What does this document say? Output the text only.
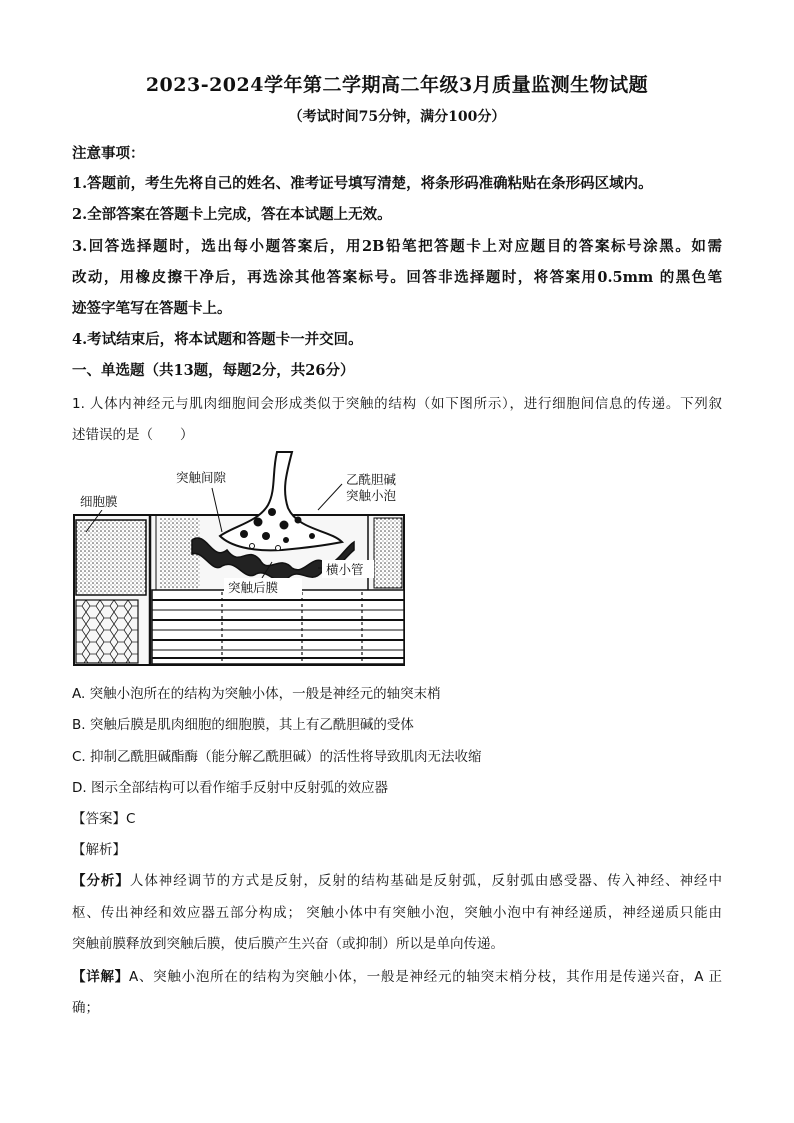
2023-2024学年第二学期高二年级3月质量监测生物试题
（考试时间75分钟，满分100分）
注意事项：
1.答题前，考生先将自己的姓名、准考证号填写清楚，将条形码准确粘贴在条形码区域内。
2.全部答案在答题卡上完成，答在本试题上无效。
3.回答选择题时，选出每小题答案后，用2B铅笔把答题卡上对应题目的答案标号涂黑。如需
改动，用橡皮擦干净后，再选涂其他答案标号。回答非选择题时，将答案用0.5mm 的黑色笔
迹签字笔写在答题卡上。
4.考试结束后，将本试题和答题卡一并交回。
一、单选题（共13题，每题2分，共26分）
1. 人体内神经元与肌肉细胞间会形成类似于突触的结构（如下图所示），进行细胞间信息的传递。下列叙
述错误的是（　　）
突触间隙	乙酰胆碱
突触小泡
细胞膜
横小管
突触后膜
A. 突触小泡所在的结构为突触小体，一般是神经元的轴突末梢
B. 突触后膜是肌肉细胞的细胞膜，其上有乙酰胆碱的受体
C. 抑制乙酰胆碱酯酶（能分解乙酰胆碱）的活性将导致肌肉无法收缩
D. 图示全部结构可以看作缩手反射中反射弧的效应器
【答案】C
【解析】
【分析】人体神经调节的方式是反射，反射的结构基础是反射弧，反射弧由感受器、传入神经、神经中
枢、传出神经和效应器五部分构成； 突触小体中有突触小泡，突触小泡中有神经递质，神经递质只能由
突触前膜释放到突触后膜，使后膜产生兴奋（或抑制）所以是单向传递。
【详解】A、突触小泡所在的结构为突触小体，一般是神经元的轴突末梢分枝，其作用是传递兴奋，A 正
确；
